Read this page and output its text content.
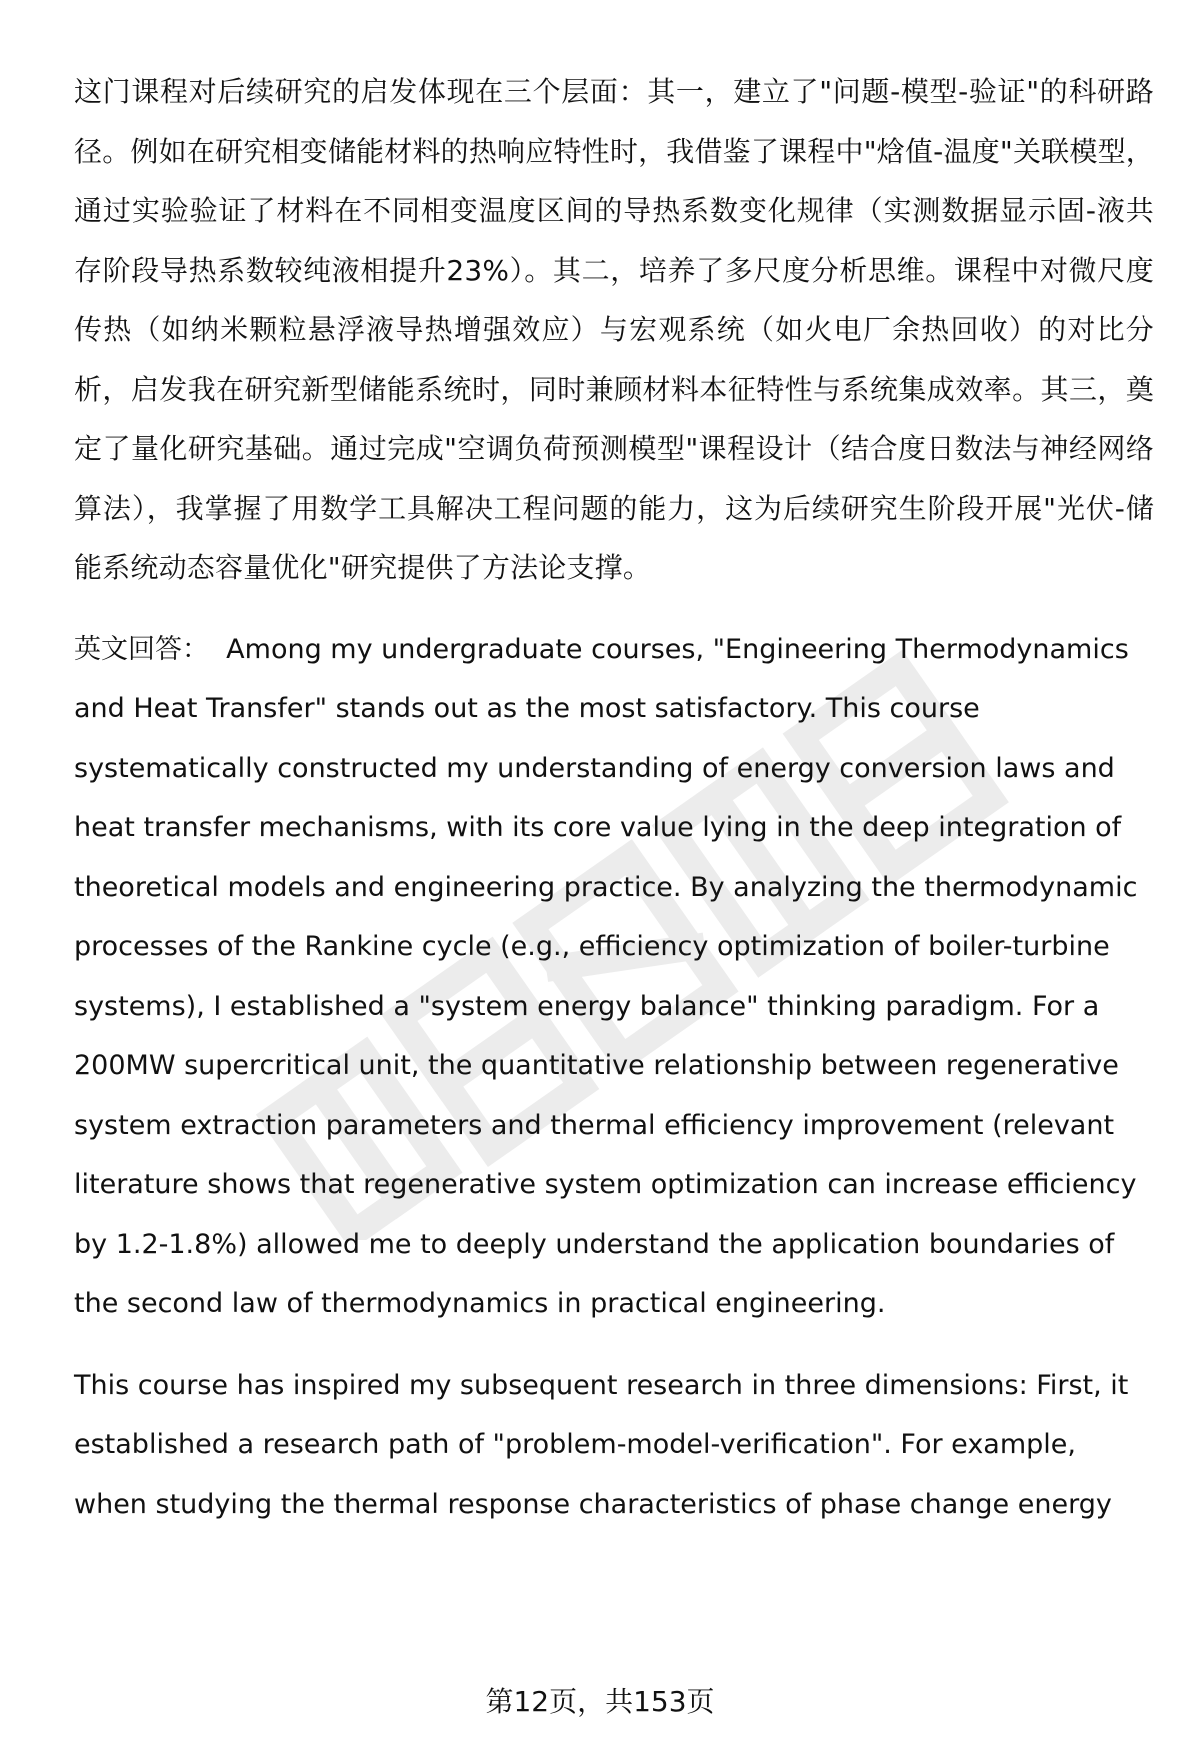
这门课程对后续研究的启发体现在三个层面：其一，建立了"问题-模型-验证"的科研路径。例如在研究相变储能材料的热响应特性时，我借鉴了课程中"焓值-温度"关联模型，通过实验验证了材料在不同相变温度区间的导热系数变化规律（实测数据显示固-液共存阶段导热系数较纯液相提升23%）。其二，培养了多尺度分析思维。课程中对微尺度传热（如纳米颗粒悬浮液导热增强效应）与宏观系统（如火电厂余热回收）的对比分析，启发我在研究新型储能系统时，同时兼顾材料本征特性与系统集成效率。其三，奠定了量化研究基础。通过完成"空调负荷预测模型"课程设计（结合度日数法与神经网络算法），我掌握了用数学工具解决工程问题的能力，这为后续研究生阶段开展"光伏-储能系统动态容量优化"研究提供了方法论支撑。

英文回答： Among my undergraduate courses, "Engineering Thermodynamics and Heat Transfer" stands out as the most satisfactory. This course systematically constructed my understanding of energy conversion laws and heat transfer mechanisms, with its core value lying in the deep integration of theoretical models and engineering practice. By analyzing the thermodynamic processes of the Rankine cycle (e.g., efficiency optimization of boiler-turbine systems), I established a "system energy balance" thinking paradigm. For a 200MW supercritical unit, the quantitative relationship between regenerative system extraction parameters and thermal efficiency improvement (relevant literature shows that regenerative system optimization can increase efficiency by 1.2-1.8%) allowed me to deeply understand the application boundaries of the second law of thermodynamics in practical engineering.

This course has inspired my subsequent research in three dimensions: First, it established a research path of "problem-model-verification". For example, when studying the thermal response characteristics of phase change energy

第12页，共153页
